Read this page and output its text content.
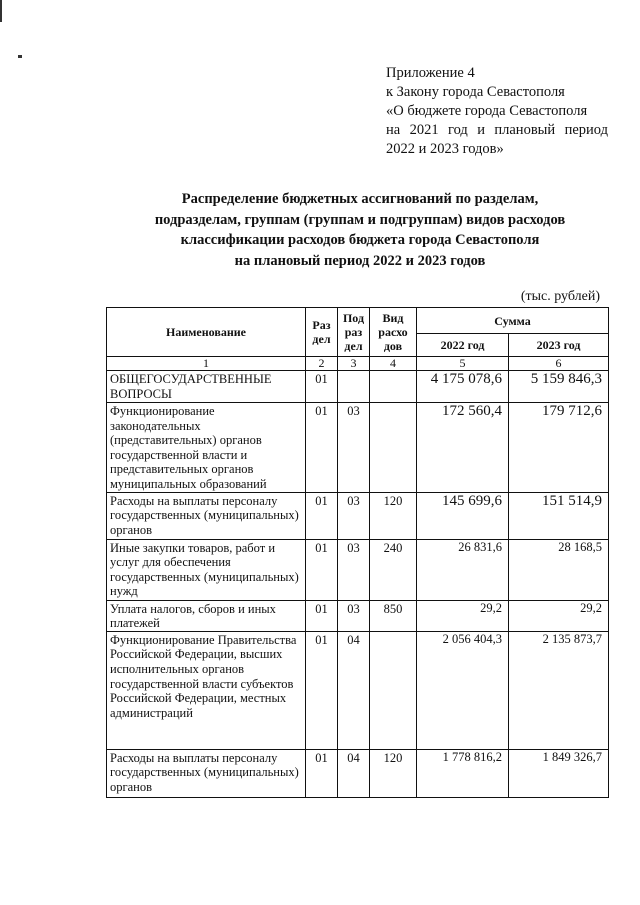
Приложение 4
к Закону города Севастополя
«О бюджете города Севастополя
на 2021 год и плановый период
2022 и 2023 годов»
Распределение бюджетных ассигнований по разделам,
подразделам, группам (группам и подгруппам) видов расходов
классификации расходов бюджета города Севастополя
на плановый период 2022 и 2023 годов
(тыс. рублей)
Наименование	Раз дел	Под раз дел	Вид расхо дов	Сумма	
				2022 год	2023 год
1	2	3	4	5	6
ОБЩЕГОСУДАРСТВЕННЫЕ ВОПРОСЫ	01			4 175 078,6	5 159 846,3
Функционирование законодательных (представительных) органов государственной власти и представительных органов муниципальных образований	01	03		172 560,4	179 712,6
Расходы на выплаты персоналу государственных (муниципальных) органов	01	03	120	145 699,6	151 514,9
Иные закупки товаров, работ и услуг для обеспечения государственных (муниципальных) нужд	01	03	240	26 831,6	28 168,5
Уплата налогов, сборов и иных платежей	01	03	850	29,2	29,2
Функционирование Правительства Российской Федерации, высших исполнительных органов государственной власти субъектов Российской Федерации, местных администраций	01	04		2 056 404,3	2 135 873,7
Расходы на выплаты персоналу государственных (муниципальных) органов	01	04	120	1 778 816,2	1 849 326,7
